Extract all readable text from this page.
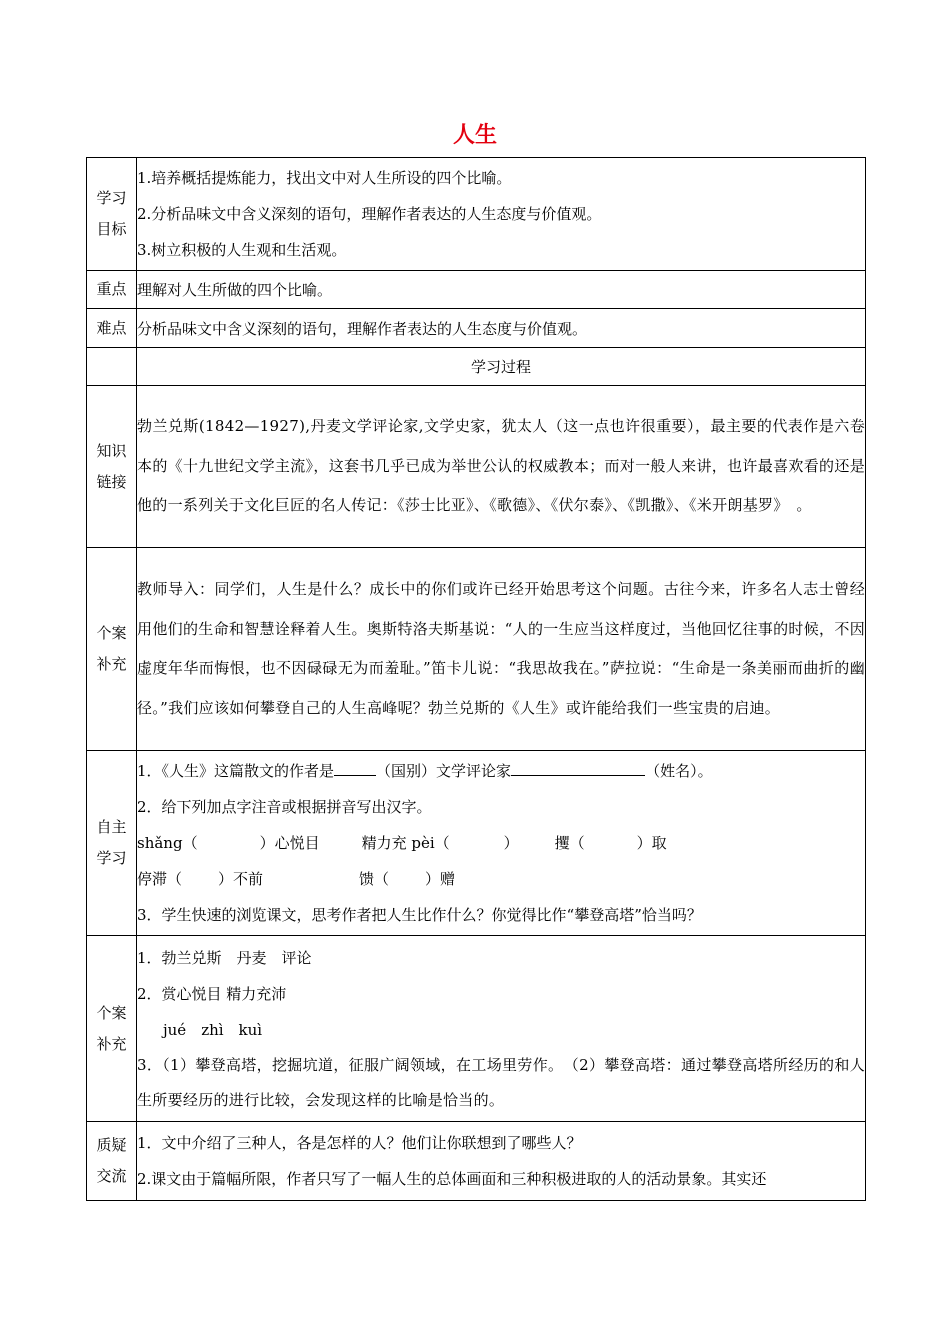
人生
学习
目标	1.培养概括提炼能力，找出文中对人生所设的四个比喻。
2.分析品味文中含义深刻的语句，理解作者表达的人生态度与价值观。
3.树立积极的人生观和生活观。

重点	理解对人生所做的四个比喻。
难点	分析品味文中含义深刻的语句，理解作者表达的人生态度与价值观。
	学习过程

知识
链接	勃兰兑斯(1842—1927),丹麦文学评论家,文学史家，犹太人（这一点也许很重要），最主要的代表作是六卷本的《十九世纪文学主流》，这套书几乎已成为举世公认的权威教本；而对一般人来讲，也许最喜欢看的还是他的一系列关于文化巨匠的名人传记：《莎士比亚》、《歌德》、《伏尔泰》、《凯撒》、《米开朗基罗》　。

个案
补充	教师导入：同学们，人生是什么？成长中的你们或许已经开始思考这个问题。古往今来，许多名人志士曾经用他们的生命和智慧诠释着人生。奥斯特洛夫斯基说：“人的一生应当这样度过，当他回忆往事的时候，不因虚度年华而悔恨，也不因碌碌无为而羞耻。”笛卡儿说：“我思故我在。”萨拉说：“生命是一条美丽而曲折的幽径。”我们应该如何攀登自己的人生高峰呢？勃兰兑斯的《人生》或许能给我们一些宝贵的启迪。

自主
学习	1．《人生》这篇散文的作者是 （国别）文学评论家 （姓名）。
2．给下列加点字注音或根据拼音写出汉字。
shǎng（ ）心悦目 精力充 pèi（ ） 攫（ ）取
停滞（ ）不前 馈（ ）赠
3．学生快速的浏览课文，思考作者把人生比作什么？你觉得比作“攀登高塔”恰当吗？

个案
补充	1．勃兰兑斯　丹麦　评论
2．赏心悦目 精力充沛
jué　zhì　kuì
3．（1）攀登高塔，挖掘坑道，征服广阔领域，在工场里劳作。　（2）攀登高塔：通过攀登高塔所经历的和人生所要经历的进行比较，会发现这样的比喻是恰当的。

质疑
交流	1．文中介绍了三种人，各是怎样的人？他们让你联想到了哪些人？
2.课文由于篇幅所限，作者只写了一幅人生的总体画面和三种积极进取的人的活动景象。其实还
